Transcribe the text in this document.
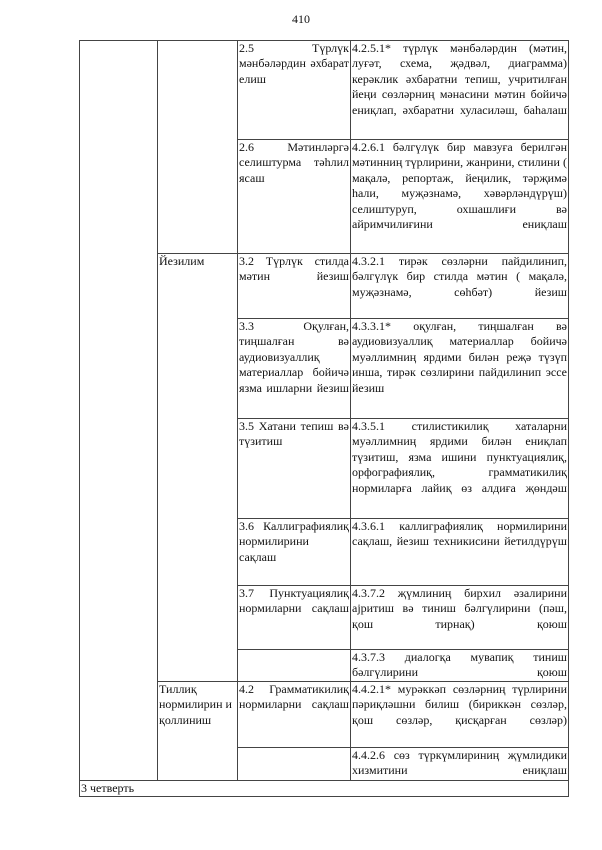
410
		2.5 Түрлүк мәнбәләрдин әхбарат елиш	4.2.5.1* түрлүк мәнбәләрдин (мәтин, луғәт, схема, җәдвәл, диаграмма) керәклик әхбаратни тепиш, учритилған йеңи сөзләрниң мәнасини мәтин бойичә ениқлап, әхбаратни хуласиләш, баһалаш
		2.6 Мәтинләргә селиштурма тәһлил ясаш	4.2.6.1 бәлгүлүк бир мавзуға берилгән мәтинниң түрлирини, жанрини, стилини ( мақалә, репортаж, йеңилик, тәрҗимә һали, муҗәзнамә, хәвәрләндүрүш) селиштуруп, охшашлиғи вә айримчилиғини ениқлаш
	Йезилим	3.2 Түрлүк стилда мәтин йезиш	4.3.2.1 тирәк сөзләрни пайдилинип, бәлгүлүк бир стилда мәтин ( мақалә, муҗәзнамә, сөһбәт) йезиш
		3.3 Оқулған, тиңшалған вә аудиовизуаллиқ материаллар бойичә язма ишларни йезиш	4.3.3.1* оқулған, тиңшалған вә аудиовизуаллиқ материаллар бойичә муәллимниң ярдими билән реҗә түзүп инша, тирәк сөзлирини пайдилинип эссе йезиш
		3.5 Хатани тепиш вә түзитиш	4.3.5.1 стилистикилиқ хаталарни муәллимниң ярдими билән ениқлап түзитиш, язма ишини пунктуациялиқ, орфографиялиқ, грамматикилиқ нормиларға лайиқ өз алдиға җөндәш
		3.6 Каллиграфиялиқ нормилирини сақлаш	4.3.6.1 каллиграфиялиқ нормилирини сақлаш, йезиш техникисини йетилдүрүш
		3.7 Пунктуациялиқ нормиларни сақлаш	4.3.7.2 җүмлиниң бирхил әзалирини ajритиш вә тиниш бәлгүлирини (пәш, қош тирнақ) қоюш
			4.3.7.3 диалогқа мувапиқ тиниш бәлгүлирини қоюш
	Тиллиқ нормилирин и қоллиниш	4.2 Грамматикилиқ нормиларни сақлаш	4.4.2.1* мурәккәп сөзләрниң түрлирини пәриқләшни билиш (бириккән сөзләр, қош сөзләр, қисқарған сөзләр)
			4.4.2.6 сөз түркүмлириниң җүмлидики хизмитини ениқлаш
3 четверть
